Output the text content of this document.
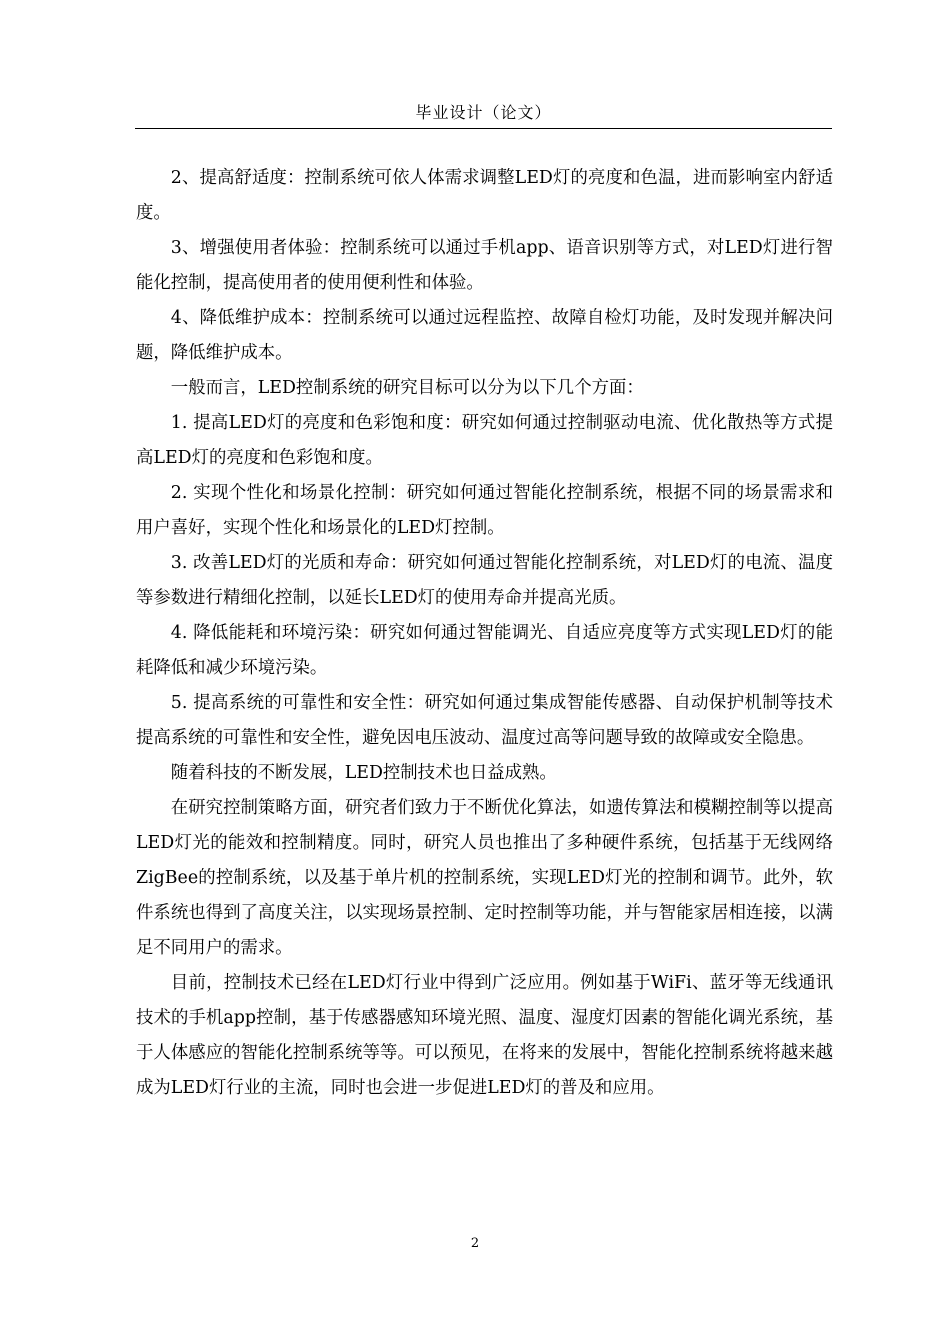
毕业设计（论文）

2、提高舒适度：控制系统可依人体需求调整LED灯的亮度和色温，进而影响室内舒适度。

3、增强使用者体验：控制系统可以通过手机app、语音识别等方式，对LED灯进行智能化控制，提高使用者的使用便利性和体验。

4、降低维护成本：控制系统可以通过远程监控、故障自检灯功能，及时发现并解决问题，降低维护成本。

一般而言，LED控制系统的研究目标可以分为以下几个方面：

1. 提高LED灯的亮度和色彩饱和度：研究如何通过控制驱动电流、优化散热等方式提高LED灯的亮度和色彩饱和度。

2. 实现个性化和场景化控制：研究如何通过智能化控制系统，根据不同的场景需求和用户喜好，实现个性化和场景化的LED灯控制。

3. 改善LED灯的光质和寿命：研究如何通过智能化控制系统，对LED灯的电流、温度等参数进行精细化控制，以延长LED灯的使用寿命并提高光质。

4. 降低能耗和环境污染：研究如何通过智能调光、自适应亮度等方式实现LED灯的能耗降低和减少环境污染。

5. 提高系统的可靠性和安全性：研究如何通过集成智能传感器、自动保护机制等技术提高系统的可靠性和安全性，避免因电压波动、温度过高等问题导致的故障或安全隐患。

随着科技的不断发展，LED控制技术也日益成熟。

在研究控制策略方面，研究者们致力于不断优化算法，如遗传算法和模糊控制等以提高LED灯光的能效和控制精度。同时，研究人员也推出了多种硬件系统，包括基于无线网络ZigBee的控制系统，以及基于单片机的控制系统，实现LED灯光的控制和调节。此外，软件系统也得到了高度关注，以实现场景控制、定时控制等功能，并与智能家居相连接，以满足不同用户的需求。

目前，控制技术已经在LED灯行业中得到广泛应用。例如基于WiFi、蓝牙等无线通讯技术的手机app控制，基于传感器感知环境光照、温度、湿度灯因素的智能化调光系统，基于人体感应的智能化控制系统等等。可以预见，在将来的发展中，智能化控制系统将越来越成为LED灯行业的主流，同时也会进一步促进LED灯的普及和应用。

2
